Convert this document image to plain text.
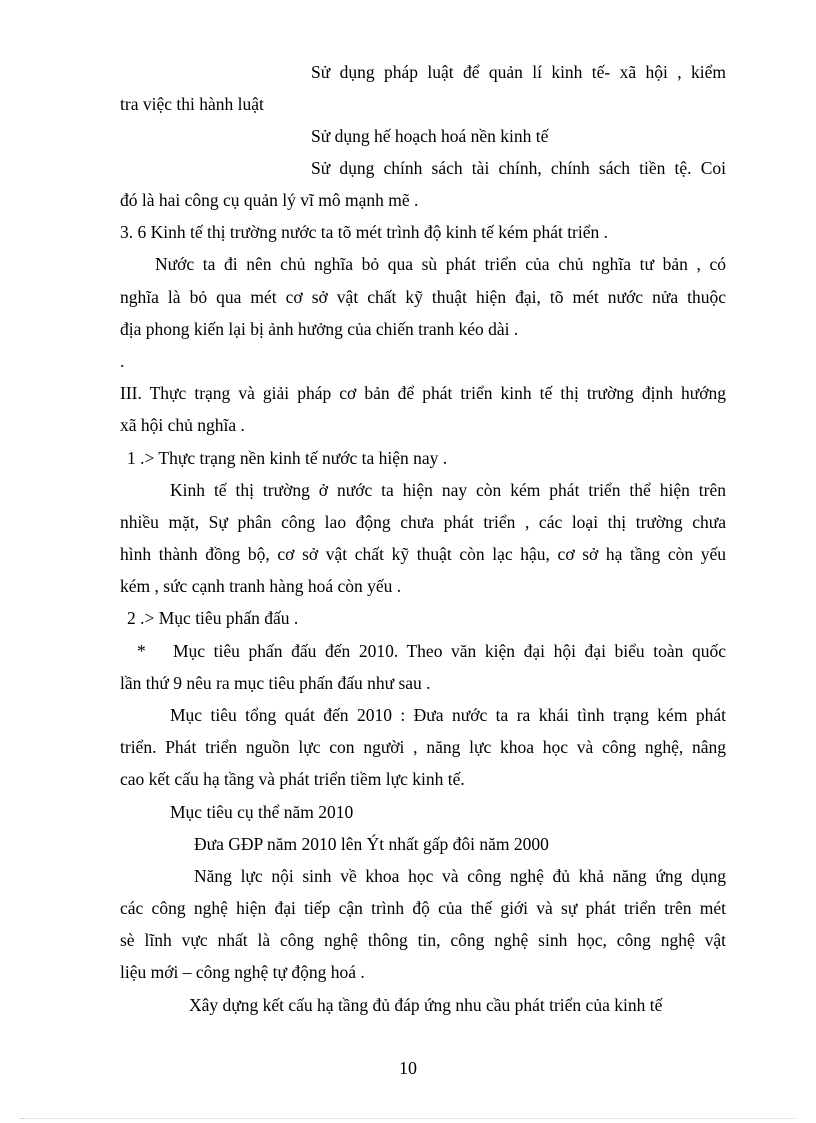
Sử dụng pháp luật để quản lí kinh tế- xã hội , kiểm
tra việc thi hành luật
Sử dụng hế hoạch hoá nền kinh tế
Sử dụng chính sách tài chính, chính sách tiền tệ. Coi
đó là hai công cụ quản lý vĩ mô mạnh mẽ .
3. 6 Kinh tế thị trường nước ta tõ mét trình độ kinh tế kém phát triển .
Nước ta đi nên chủ nghĩa bỏ qua sù phát triển của chủ nghĩa tư bản , có
nghĩa là bỏ qua mét cơ sở vật chất kỹ thuật hiện đại, tõ mét nước nửa thuộc
địa phong kiến lại bị ảnh hưởng của chiến tranh kéo dài .
.
III. Thực trạng và giải pháp cơ bản để phát triển kinh tế thị trường định hướng
xã hội chủ nghĩa .
1 .> Thực trạng nền kinh tế nước ta hiện nay .
Kinh tế thị trường ở nước ta hiện nay còn kém phát triển thể hiện trên
nhiều mặt, Sự phân công lao động chưa phát triển , các loại thị trường chưa
hình thành đồng bộ, cơ sở vật chất kỹ thuật còn lạc hậu, cơ sở hạ tầng còn yếu
kém , sức cạnh tranh hàng hoá còn yếu .
2 .> Mục tiêu phấn đấu .
* Mục tiêu phấn đấu đến 2010. Theo văn kiện đại hội đại biểu toàn quốc
lần thứ 9 nêu ra mục tiêu phấn đấu như sau .
Mục tiêu tổng quát đến 2010 : Đưa nước ta ra khái tình trạng kém phát
triển. Phát triển nguồn lực con người , năng lực khoa học và công nghệ, nâng
cao kết cấu hạ tầng và phát triển tiềm lực kinh tế.
Mục tiêu cụ thể năm 2010
Đưa GĐP năm 2010 lên Ýt nhất gấp đôi năm 2000
Năng lực nội sinh về khoa học và công nghệ đủ khả năng ứng dụng
các công nghệ hiện đại tiếp cận trình độ của thế giới và sự phát triển trên mét
sè lĩnh vực nhất là công nghệ thông tin, công nghệ sinh học, công nghệ vật
liệu mới – công nghệ tự động hoá .
Xây dựng kết cấu hạ tầng đủ đáp ứng nhu cầu phát triển của kinh tế
10
